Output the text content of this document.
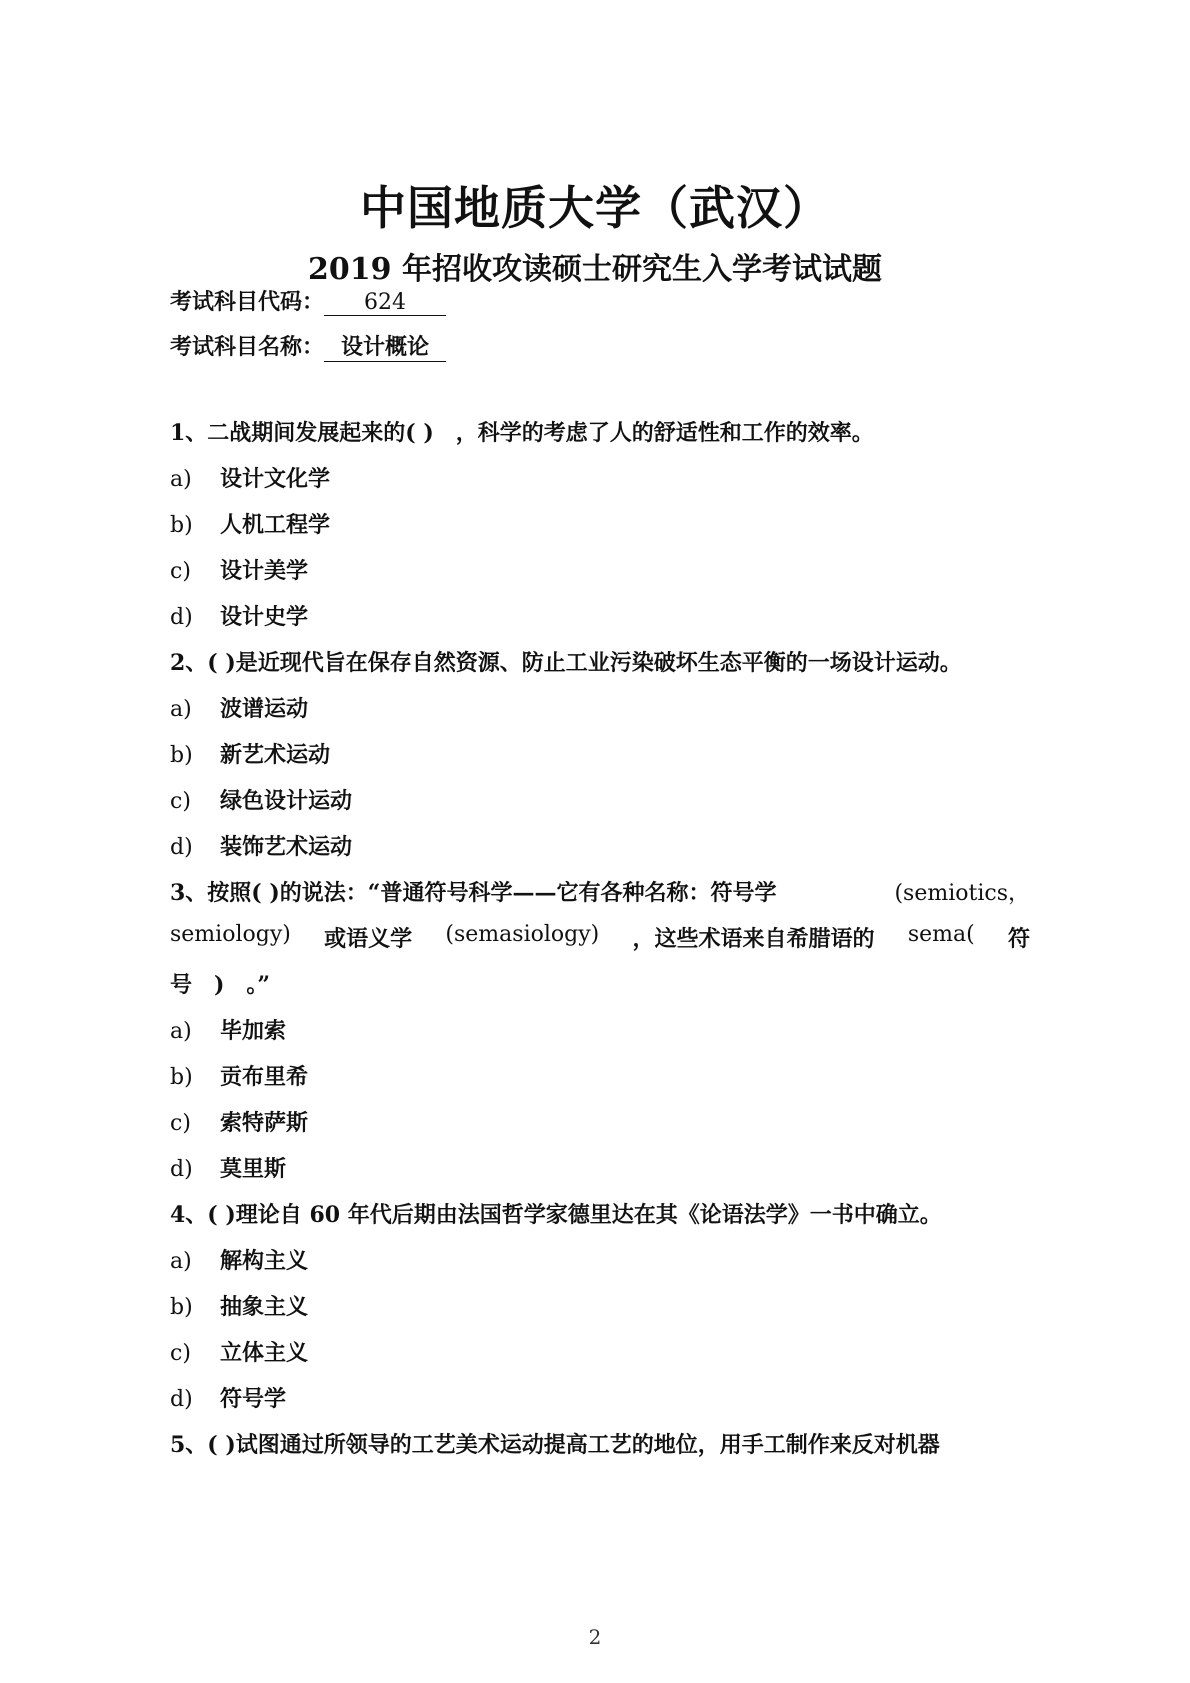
中国地质大学（武汉）
2019 年招收攻读硕士研究生入学考试试题
考试科目代码： 624
考试科目名称： 设计概论
1、二战期间发展起来的( )　，科学的考虑了人的舒适性和工作的效率。
a) 设计文化学
b) 人机工程学
c) 设计美学
d) 设计史学
2、( )是近现代旨在保存自然资源、防止工业污染破坏生态平衡的一场设计运动。
a) 波谱运动
b) 新艺术运动
c) 绿色设计运动
d) 装饰艺术运动
3、按照( )的说法：“普通符号科学——它有各种名称：符号学	(semiotics，
semiology) 或语义学 (semasiology) ，这些术语来自希腊语的 sema( 符
号　)　。”
a) 毕加索
b) 贡布里希
c) 索特萨斯
d) 莫里斯
4、( )理论自 60 年代后期由法国哲学家德里达在其《论语法学》一书中确立。
a) 解构主义
b) 抽象主义
c) 立体主义
d) 符号学
5、( )试图通过所领导的工艺美术运动提高工艺的地位，用手工制作来反对机器
2
